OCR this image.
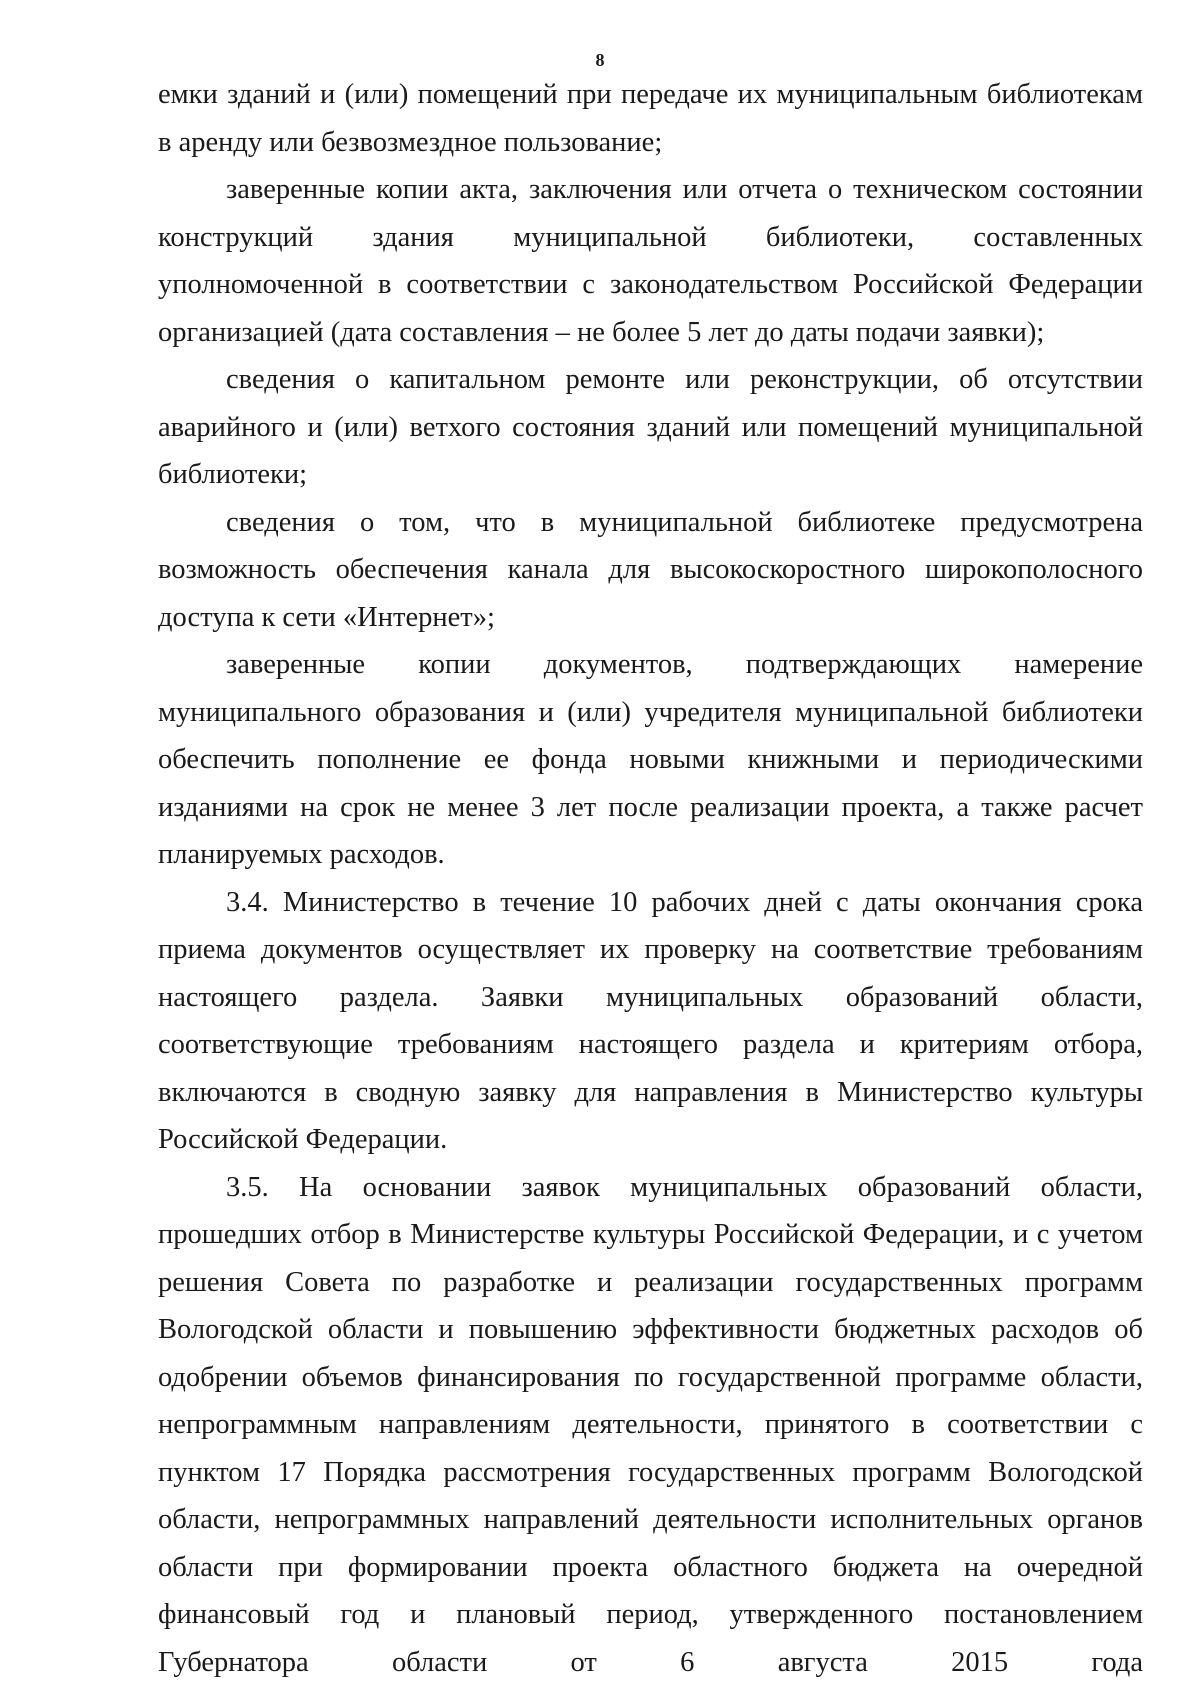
8

емки зданий и (или) помещений при передаче их муниципальным библиотекам в аренду или безвозмездное пользование;

заверенные копии акта, заключения или отчета о техническом состоянии конструкций здания муниципальной библиотеки, составленных уполномоченной в соответствии с законодательством Российской Федерации организацией (дата составления – не более 5 лет до даты подачи заявки);

сведения о капитальном ремонте или реконструкции, об отсутствии аварийного и (или) ветхого состояния зданий или помещений муниципальной библиотеки;

сведения о том, что в муниципальной библиотеке предусмотрена возможность обеспечения канала для высокоскоростного широкополосного доступа к сети «Интернет»;

заверенные копии документов, подтверждающих намерение муниципального образования и (или) учредителя муниципальной библиотеки обеспечить пополнение ее фонда новыми книжными и периодическими изданиями на срок не менее 3 лет после реализации проекта, а также расчет планируемых расходов.

3.4. Министерство в течение 10 рабочих дней с даты окончания срока приема документов осуществляет их проверку на соответствие требованиям настоящего раздела. Заявки муниципальных образований области, соответствующие требованиям настоящего раздела и критериям отбора, включаются в сводную заявку для направления в Министерство культуры Российской Федерации.

3.5. На основании заявок муниципальных образований области, прошедших отбор в Министерстве культуры Российской Федерации, и с учетом решения Совета по разработке и реализации государственных программ Вологодской области и повышению эффективности бюджетных расходов об одобрении объемов финансирования по государственной программе области, непрограммным направлениям деятельности, принятого в соответствии с пунктом 17 Порядка рассмотрения государственных программ Вологодской области, непрограммных направлений деятельности исполнительных органов области при формировании проекта областного бюджета на очередной финансовый год и плановый период, утвержденного постановлением Губернатора области от 6 августа 2015 года
